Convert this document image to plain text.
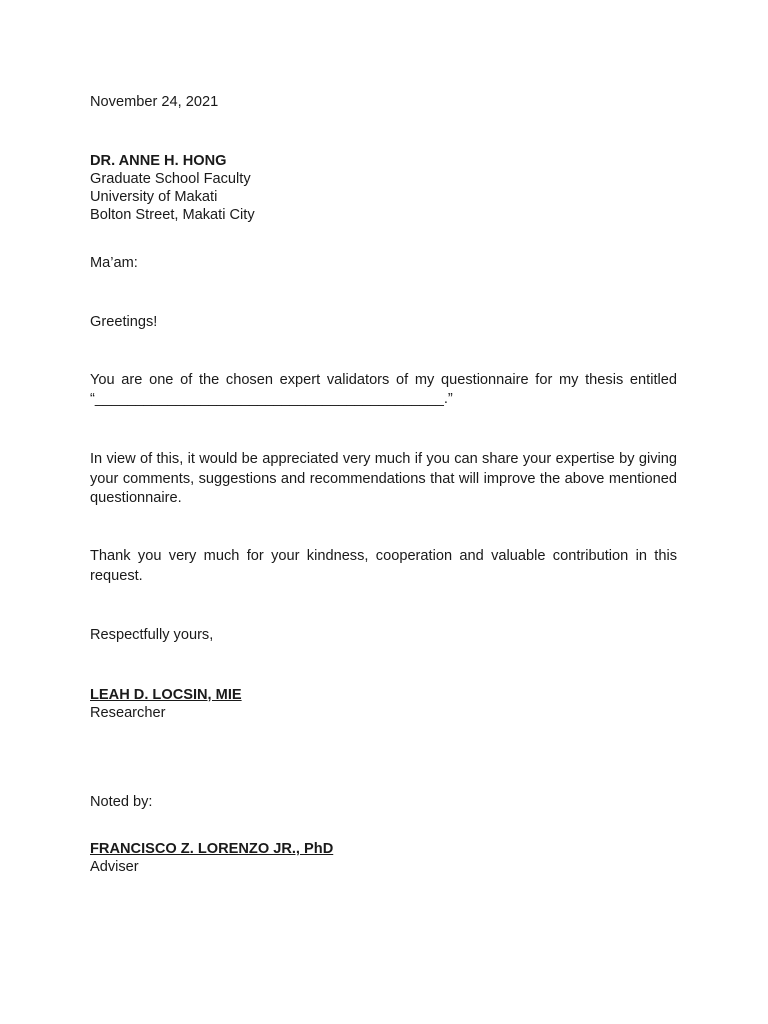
November 24, 2021
DR. ANNE H. HONG
Graduate School Faculty
University of Makati
Bolton Street, Makati City
Ma’am:
Greetings!
You are one of the chosen expert validators of my questionnaire for my thesis entitled
“___________________________________________.”
In view of this, it would be appreciated very much if you can share your expertise by giving your comments, suggestions and recommendations that will improve the above mentioned questionnaire.
Thank you very much for your kindness, cooperation and valuable contribution in this request.
Respectfully yours,
LEAH D. LOCSIN, MIE
Researcher
Noted by:
FRANCISCO Z. LORENZO JR., PhD
Adviser
